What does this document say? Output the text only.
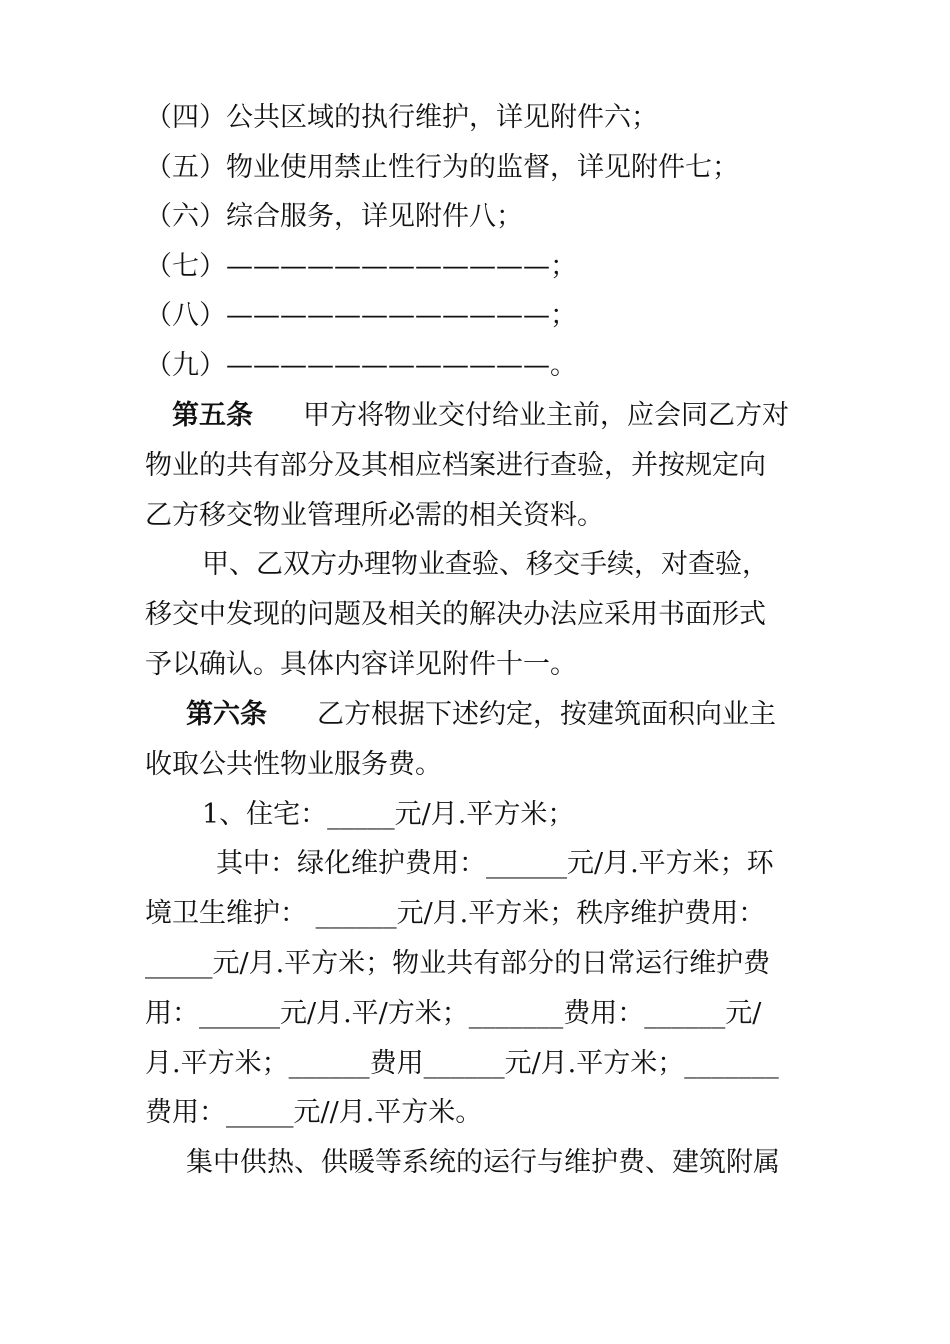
（四）公共区域的执行维护，详见附件六；
（五）物业使用禁止性行为的监督，详见附件七；
（六）综合服务，详见附件八；
（七）————————————；
（八）————————————；
（九）————————————。
第五条 甲方将物业交付给业主前，应会同乙方对
物业的共有部分及其相应档案进行查验，并按规定向
乙方移交物业管理所必需的相关资料。
甲、乙双方办理物业查验、移交手续，对查验，
移交中发现的问题及相关的解决办法应采用书面形式
予以确认。具体内容详见附件十一。
第六条 乙方根据下述约定，按建筑面积向业主
收取公共性物业服务费。
1、住宅：_____元/月.平方米；
其中：绿化维护费用：______元/月.平方米；环
境卫生维护： ______元/月.平方米；秩序维护费用：
_____元/月.平方米；物业共有部分的日常运行维护费
用：______元/月.平/方米；_______费用：______元/
月.平方米；______费用______元/月.平方米；_______
费用：_____元//月.平方米。
集中供热、供暖等系统的运行与维护费、建筑附属
